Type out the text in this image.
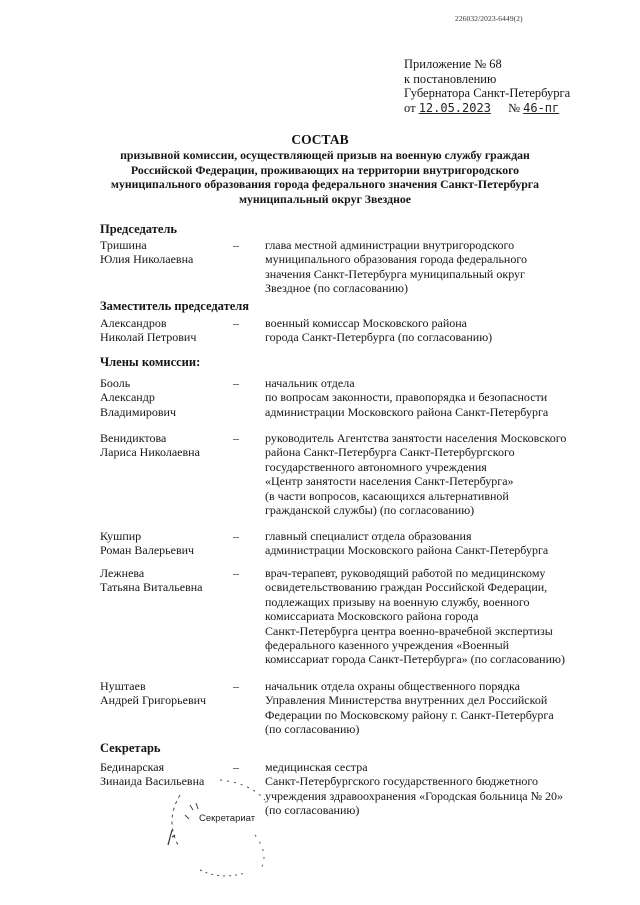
226032/2023-6449(2)
Приложение № 68
к постановлению
Губернатора Санкт-Петербурга
от 12.05.2023 № 46-пг
СОСТАВ
призывной комиссии, осуществляющей призыв на военную службу граждан Российской Федерации, проживающих на территории внутригородского муниципального образования города федерального значения Санкт-Петербурга муниципальный округ Звездное
Председатель
Тришина
Юлия Николаевна
– глава местной администрации внутригородского
муниципального образования города федерального
значения Санкт-Петербурга муниципальный округ
Звездное (по согласованию)
Заместитель председателя
Александров
Николай Петрович
– военный комиссар Московского района
города Санкт-Петербурга (по согласованию)
Члены комиссии:
Бооль
Александр
Владимирович
– начальник отдела
по вопросам законности, правопорядка и безопасности
администрации Московского района Санкт-Петербурга
Венидиктова
Лариса Николаевна
– руководитель Агентства занятости населения Московского
района Санкт-Петербурга Санкт-Петербургского
государственного автономного учреждения
«Центр занятости населения Санкт-Петербурга»
(в части вопросов, касающихся альтернативной
гражданской службы) (по согласованию)
Кушпир
Роман Валерьевич
– главный специалист отдела образования
администрации Московского района Санкт-Петербурга
Лежнева
Татьяна Витальевна
– врач-терапевт, руководящий работой по медицинскому
освидетельствованию граждан Российской Федерации,
подлежащих призыву на военную службу, военного
комиссариата Московского района города
Санкт-Петербурга центра военно-врачебной экспертизы
федерального казенного учреждения «Военный
комиссариат города Санкт-Петербурга» (по согласованию)
Нуштаев
Андрей Григорьевич
– начальник отдела охраны общественного порядка
Управления Министерства внутренних дел Российской
Федерации по Московскому району г. Санкт-Петербурга
(по согласованию)
Секретарь
Бединарская
Зинаида Васильевна
– медицинская сестра
Санкт-Петербургского государственного бюджетного
учреждения здравоохранения «Городская больница № 20»
(по согласованию)
Секретариат
